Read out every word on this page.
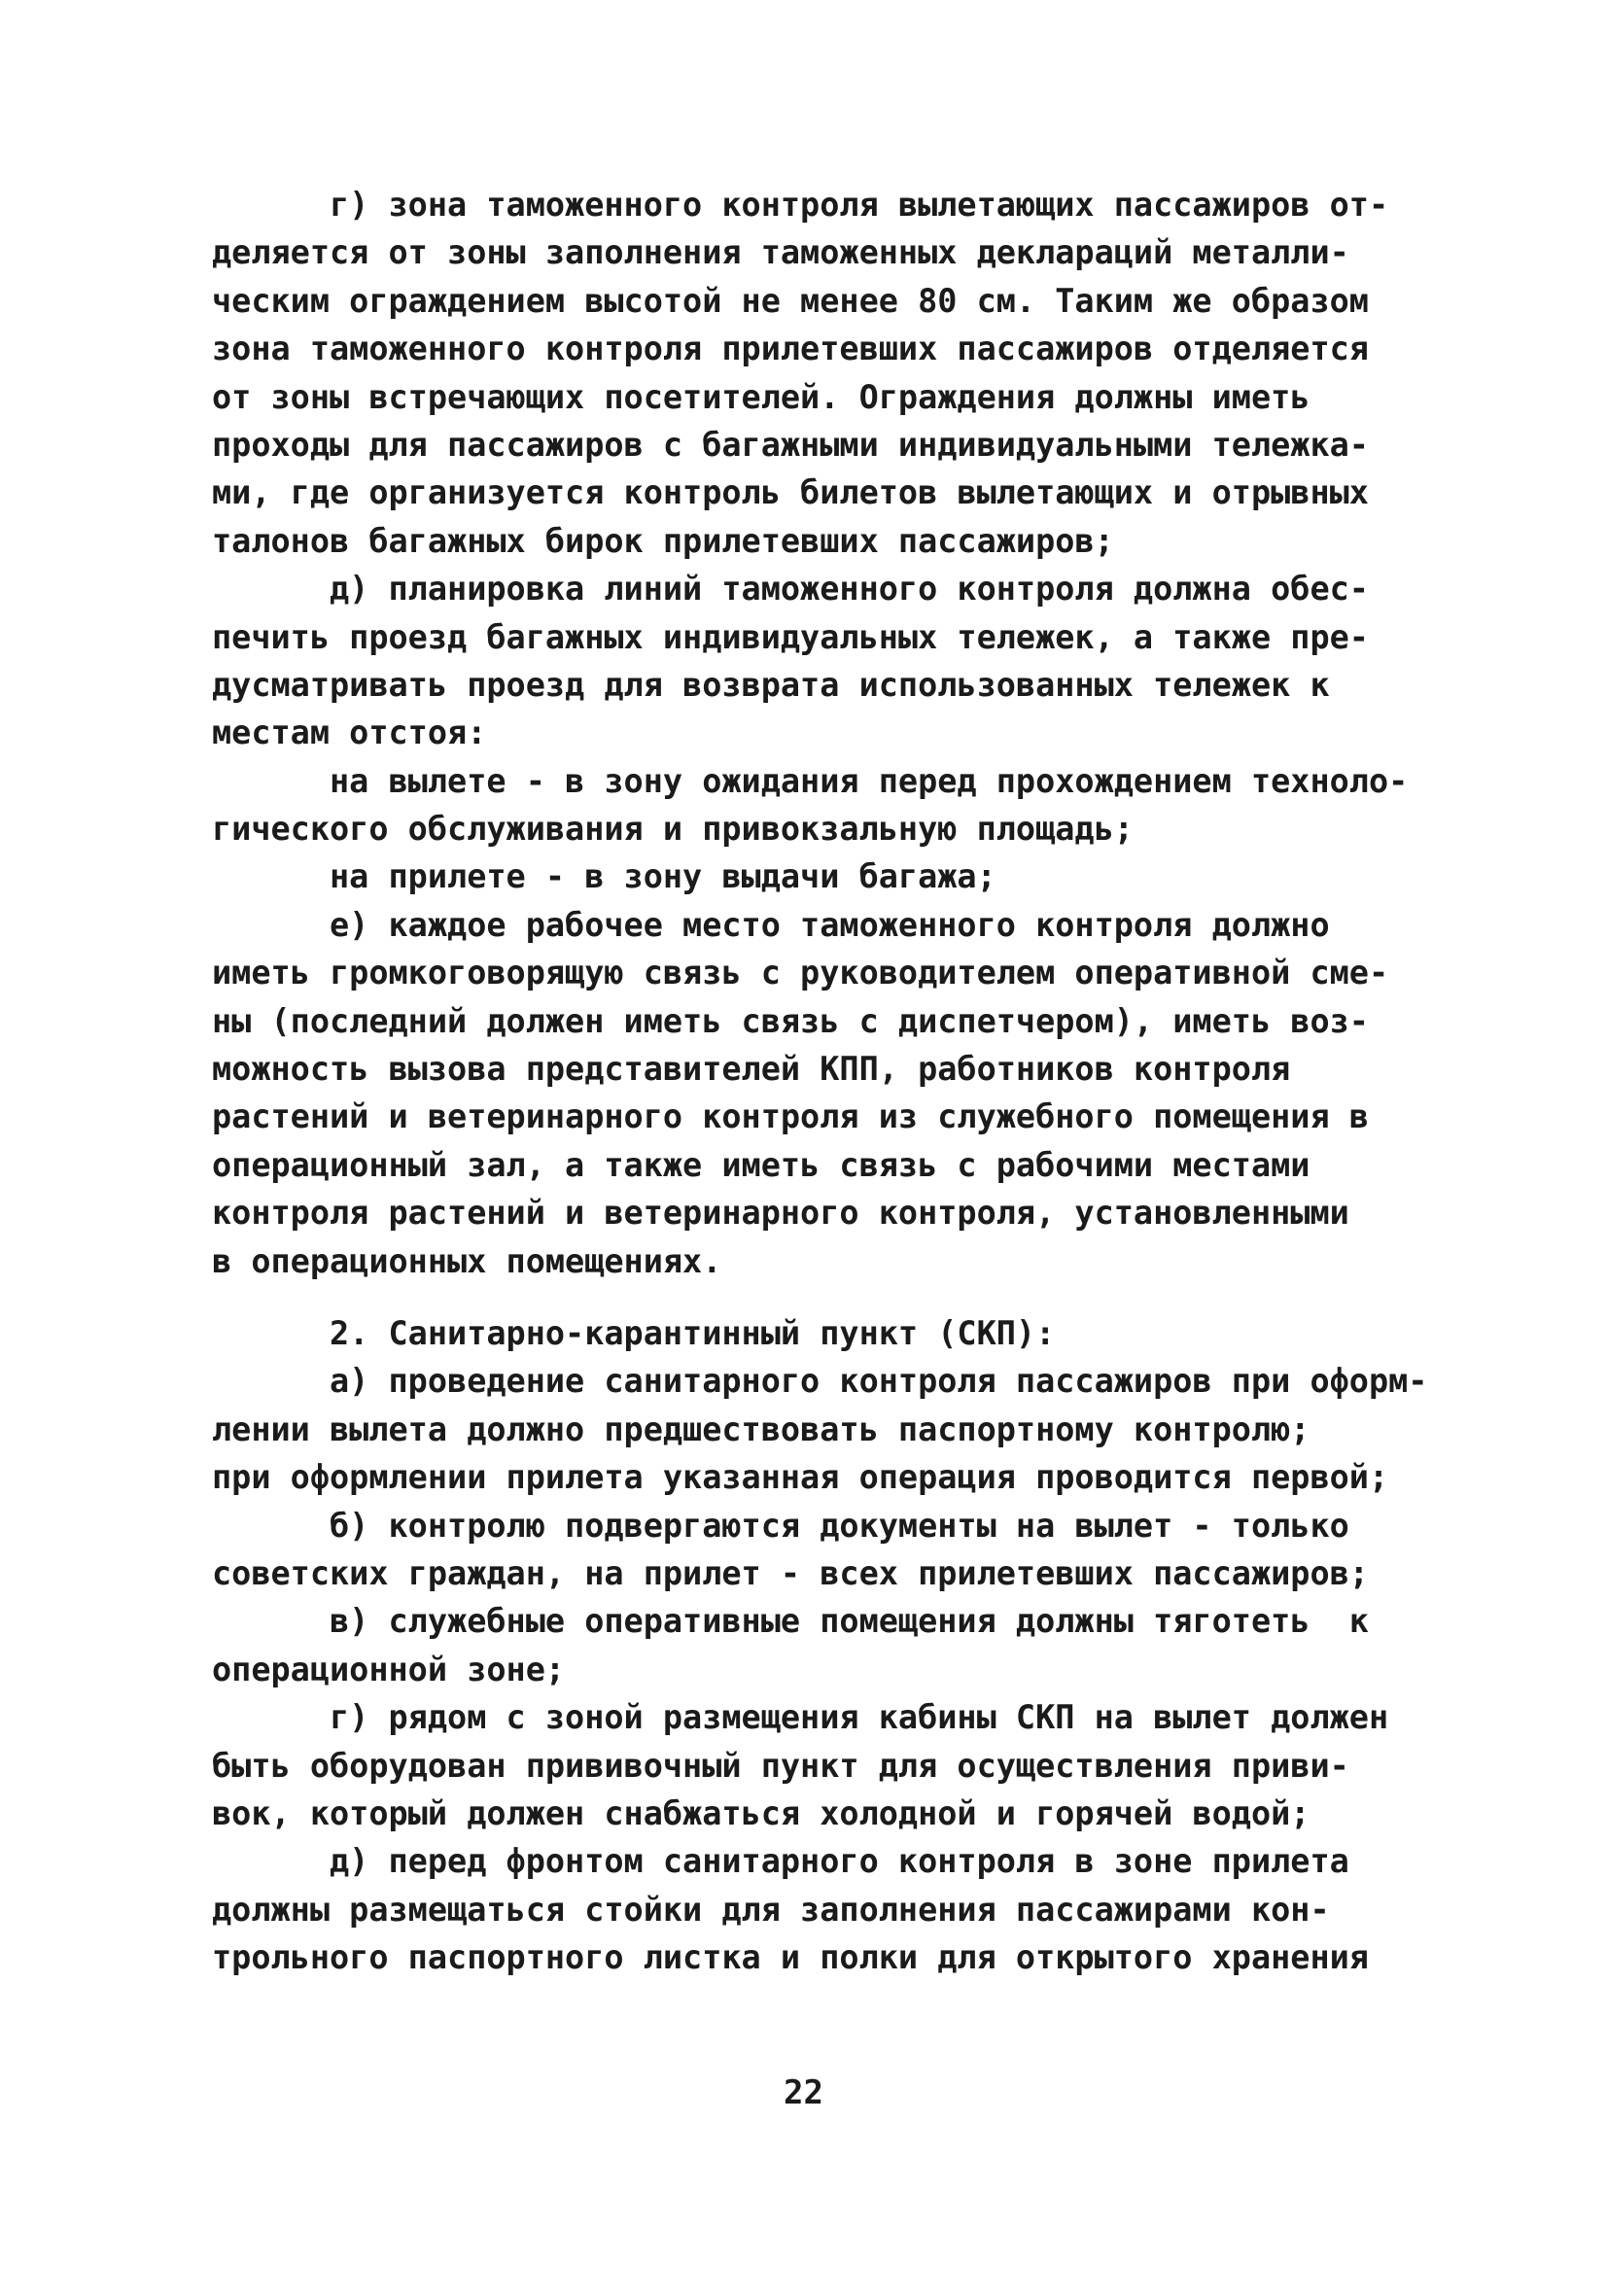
г) зона таможенного контроля вылетающих пассажиров от-
деляется от зоны заполнения таможенных деклараций металли-
ческим ограждением высотой не менее 80 см. Таким же образом
зона таможенного контроля прилетевших пассажиров отделяется
от зоны встречающих посетителей. Ограждения должны иметь
проходы для пассажиров с багажными индивидуальными тележка-
ми, где организуется контроль билетов вылетающих и отрывных
талонов багажных бирок прилетевших пассажиров;
д) планировка линий таможенного контроля должна обес-
печить проезд багажных индивидуальных тележек, а также пре-
дусматривать проезд для возврата использованных тележек к
местам отстоя:
на вылете - в зону ожидания перед прохождением техноло-
гического обслуживания и привокзальную площадь;
на прилете - в зону выдачи багажа;
е) каждое рабочее место таможенного контроля должно
иметь громкоговорящую связь с руководителем оперативной сме-
ны (последний должен иметь связь с диспетчером), иметь воз-
можность вызова представителей КПП, работников контроля
растений и ветеринарного контроля из служебного помещения в
операционный зал, а также иметь связь с рабочими местами
контроля растений и ветеринарного контроля, установленными
в операционных помещениях.
2. Санитарно-карантинный пункт (СКП):
а) проведение санитарного контроля пассажиров при оформ-
лении вылета должно предшествовать паспортному контролю;
при оформлении прилета указанная операция проводится первой;
б) контролю подвергаются документы на вылет - только
советских граждан, на прилет - всех прилетевших пассажиров;
в) служебные оперативные помещения должны тяготеть  к
операционной зоне;
г) рядом с зоной размещения кабины СКП на вылет должен
быть оборудован прививочный пункт для осуществления приви-
вок, который должен снабжаться холодной и горячей водой;
д) перед фронтом санитарного контроля в зоне прилета
должны размещаться стойки для заполнения пассажирами кон-
трольного паспортного листка и полки для открытого хранения
22
